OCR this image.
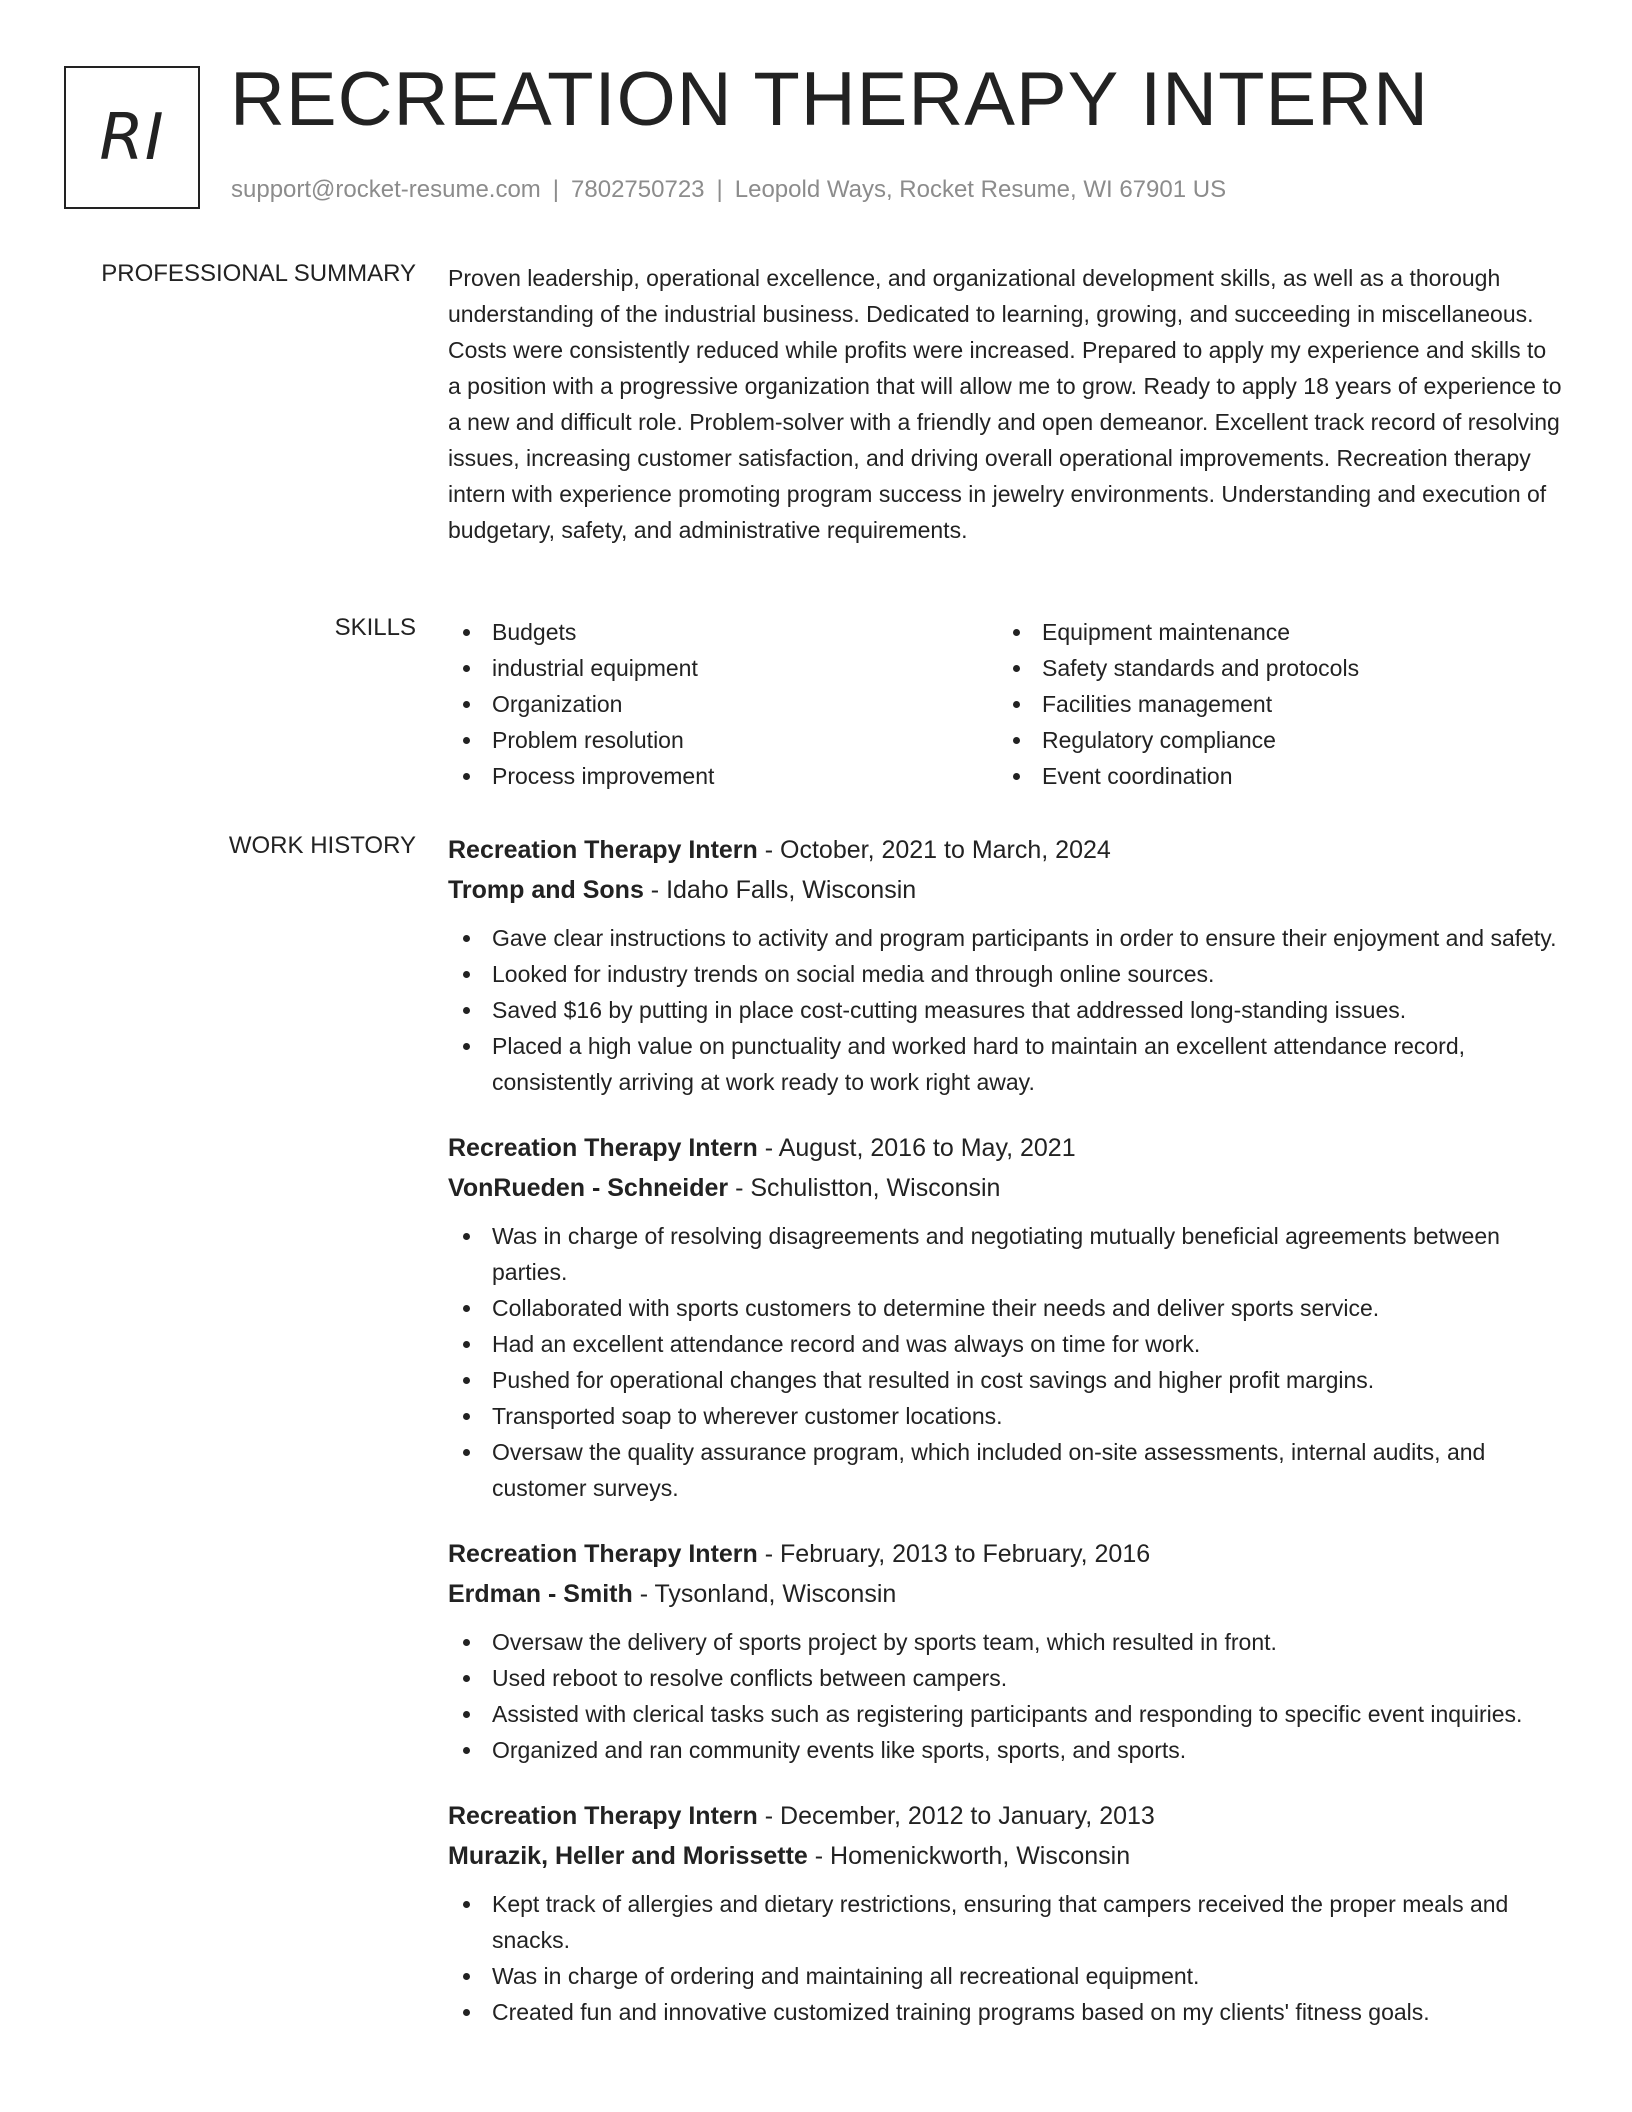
RI RECREATION THERAPY INTERN
support@rocket-resume.com | 7802750723 | Leopold Ways, Rocket Resume, WI 67901 US
PROFESSIONAL SUMMARY Proven leadership, operational excellence, and organizational development skills, as well as a thorough understanding of the industrial business. Dedicated to learning, growing, and succeeding in miscellaneous. Costs were consistently reduced while profits were increased. Prepared to apply my experience and skills to a position with a progressive organization that will allow me to grow. Ready to apply 18 years of experience to a new and difficult role. Problem-solver with a friendly and open demeanor. Excellent track record of resolving issues, increasing customer satisfaction, and driving overall operational improvements. Recreation therapy intern with experience promoting program success in jewelry environments. Understanding and execution of budgetary, safety, and administrative requirements.

SKILLS	Budgets
industrial equipment
Organization
Problem resolution
Process improvement
Equipment maintenance
Safety standards and protocols
Facilities management
Regulatory compliance
Event coordination
WORK HISTORY Recreation Therapy Intern - October, 2021 to March, 2024
Tromp and Sons - Idaho Falls, Wisconsin
Gave clear instructions to activity and program participants in order to ensure their enjoyment and safety.
Looked for industry trends on social media and through online sources.
Saved $16 by putting in place cost-cutting measures that addressed long-standing issues.
Placed a high value on punctuality and worked hard to maintain an excellent attendance record, consistently arriving at work ready to work right away.
Recreation Therapy Intern - August, 2016 to May, 2021
VonRueden - Schneider - Schulistton, Wisconsin
Was in charge of resolving disagreements and negotiating mutually beneficial agreements between parties.
Collaborated with sports customers to determine their needs and deliver sports service.
Had an excellent attendance record and was always on time for work.
Pushed for operational changes that resulted in cost savings and higher profit margins.
Transported soap to wherever customer locations.
Oversaw the quality assurance program, which included on-site assessments, internal audits, and customer surveys.
Recreation Therapy Intern - February, 2013 to February, 2016
Erdman - Smith - Tysonland, Wisconsin
Oversaw the delivery of sports project by sports team, which resulted in front.
Used reboot to resolve conflicts between campers.
Assisted with clerical tasks such as registering participants and responding to specific event inquiries.
Organized and ran community events like sports, sports, and sports.
Recreation Therapy Intern - December, 2012 to January, 2013
Murazik, Heller and Morissette - Homenickworth, Wisconsin
Kept track of allergies and dietary restrictions, ensuring that campers received the proper meals and snacks.
Was in charge of ordering and maintaining all recreational equipment.
Created fun and innovative customized training programs based on my clients' fitness goals.
